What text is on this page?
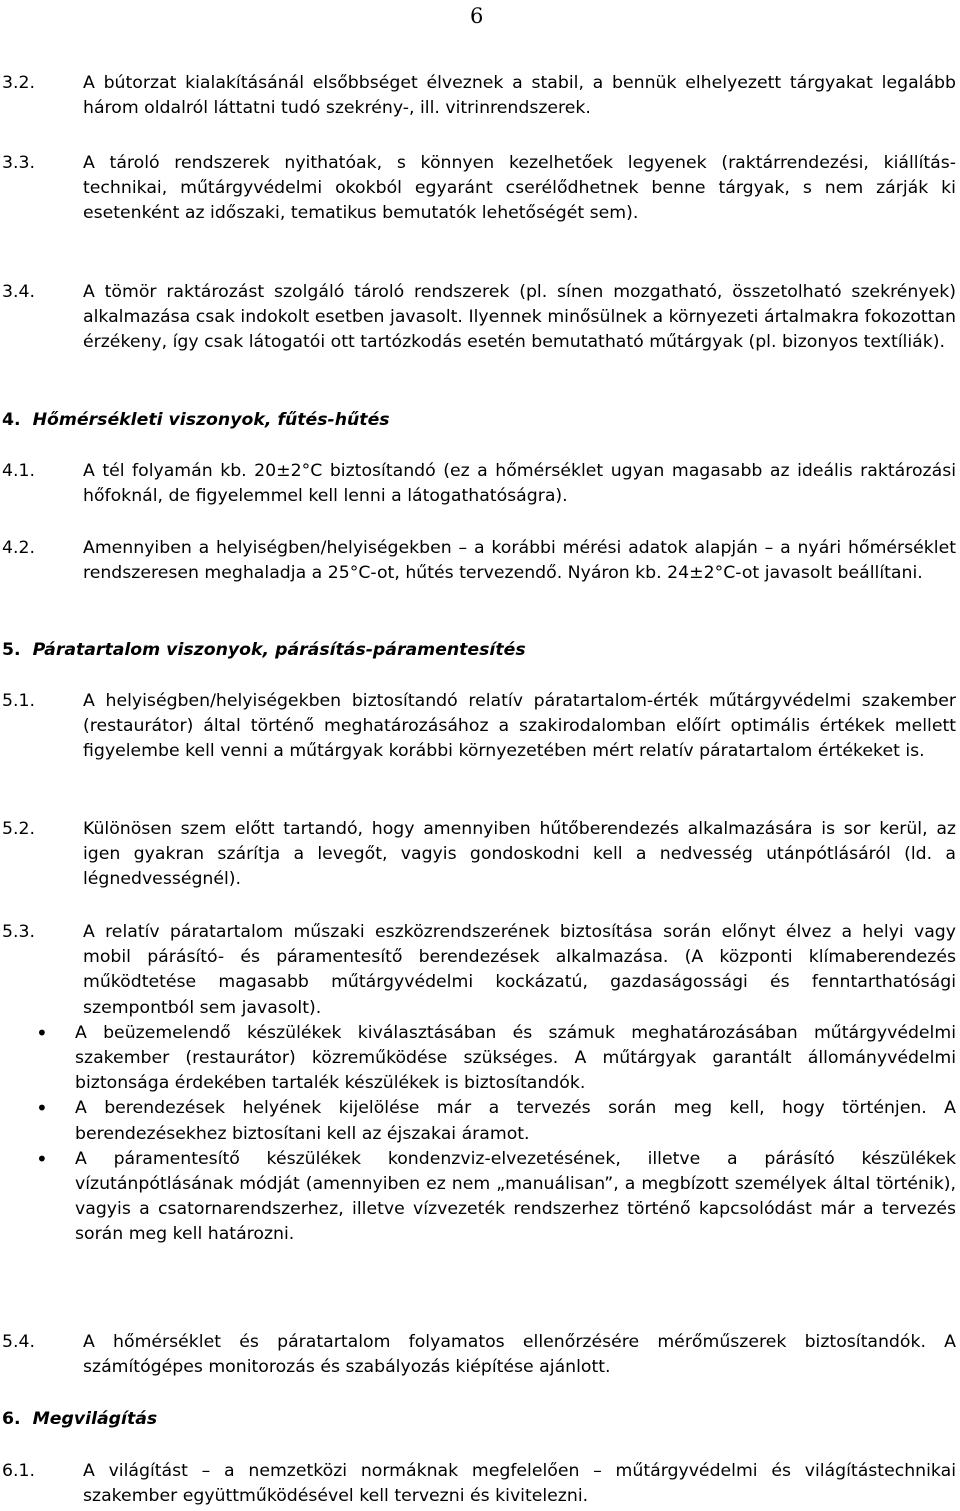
6
3.2.	A bútorzat kialakításánál elsőbbséget élveznek a stabil, a bennük elhelyezett tárgyakat legalább három oldalról láttatni tudó szekrény-, ill. vitrinrendszerek.
3.3.	A tároló rendszerek nyithatóak, s könnyen kezelhetőek legyenek (raktárrendezési, kiállítás-technikai, műtárgyvédelmi okokból egyaránt cserélődhetnek benne tárgyak, s nem zárják ki esetenként az időszaki, tematikus bemutatók lehetőségét sem).
3.4.	A tömör raktározást szolgáló tároló rendszerek (pl. sínen mozgatható, összetolható szekrények) alkalmazása csak indokolt esetben javasolt. Ilyennek minősülnek a környezeti ártalmakra fokozottan érzékeny, így csak látogatói ott tartózkodás esetén bemutatható műtárgyak (pl. bizonyos textíliák).
4. Hőmérsékleti viszonyok, fűtés-hűtés
4.1.	A tél folyamán kb. 20±2°C biztosítandó (ez a hőmérséklet ugyan magasabb az ideális raktározási hőfoknál, de figyelemmel kell lenni a látogathatóságra).
4.2.	Amennyiben a helyiségben/helyiségekben – a korábbi mérési adatok alapján – a nyári hőmérséklet rendszeresen meghaladja a 25°C-ot, hűtés tervezendő. Nyáron kb. 24±2°C-ot javasolt beállítani.
5. Páratartalom viszonyok, párásítás-páramentesítés
5.1.	A helyiségben/helyiségekben biztosítandó relatív páratartalom-érték műtárgyvédelmi szakember (restaurátor) által történő meghatározásához a szakirodalomban előírt optimális értékek mellett figyelembe kell venni a műtárgyak korábbi környezetében mért relatív páratartalom értékeket is.
5.2.	Különösen szem előtt tartandó, hogy amennyiben hűtőberendezés alkalmazására is sor kerül, az igen gyakran szárítja a levegőt, vagyis gondoskodni kell a nedvesség utánpótlásáról (ld. a légnedvességnél).
5.3.	A relatív páratartalom műszaki eszközrendszerének biztosítása során előnyt élvez a helyi vagy mobil párásító- és páramentesítő berendezések alkalmazása. (A központi klímaberendezés működtetése magasabb műtárgyvédelmi kockázatú, gazdaságossági és fenntarthatósági szempontból sem javasolt).
•	A beüzemelendő készülékek kiválasztásában és számuk meghatározásában műtárgyvédelmi szakember (restaurátor) közreműködése szükséges. A műtárgyak garantált állományvédelmi biztonsága érdekében tartalék készülékek is biztosítandók.
•	A berendezések helyének kijelölése már a tervezés során meg kell, hogy történjen. A berendezésekhez biztosítani kell az éjszakai áramot.
•	A páramentesítő készülékek kondenzviz-elvezetésének, illetve a párásító készülékek vízutánpótlásának módját (amennyiben ez nem „manuálisan”, a megbízott személyek által történik), vagyis a csatornarendszerhez, illetve vízvezeték rendszerhez történő kapcsolódást már a tervezés során meg kell határozni.
5.4.	A hőmérséklet és páratartalom folyamatos ellenőrzésére mérőműszerek biztosítandók. A számítógépes monitorozás és szabályozás kiépítése ajánlott.
6. Megvilágítás
6.1.	A világítást – a nemzetközi normáknak megfelelően – műtárgyvédelmi és világítástechnikai szakember együttműködésével kell tervezni és kivitelezni.
